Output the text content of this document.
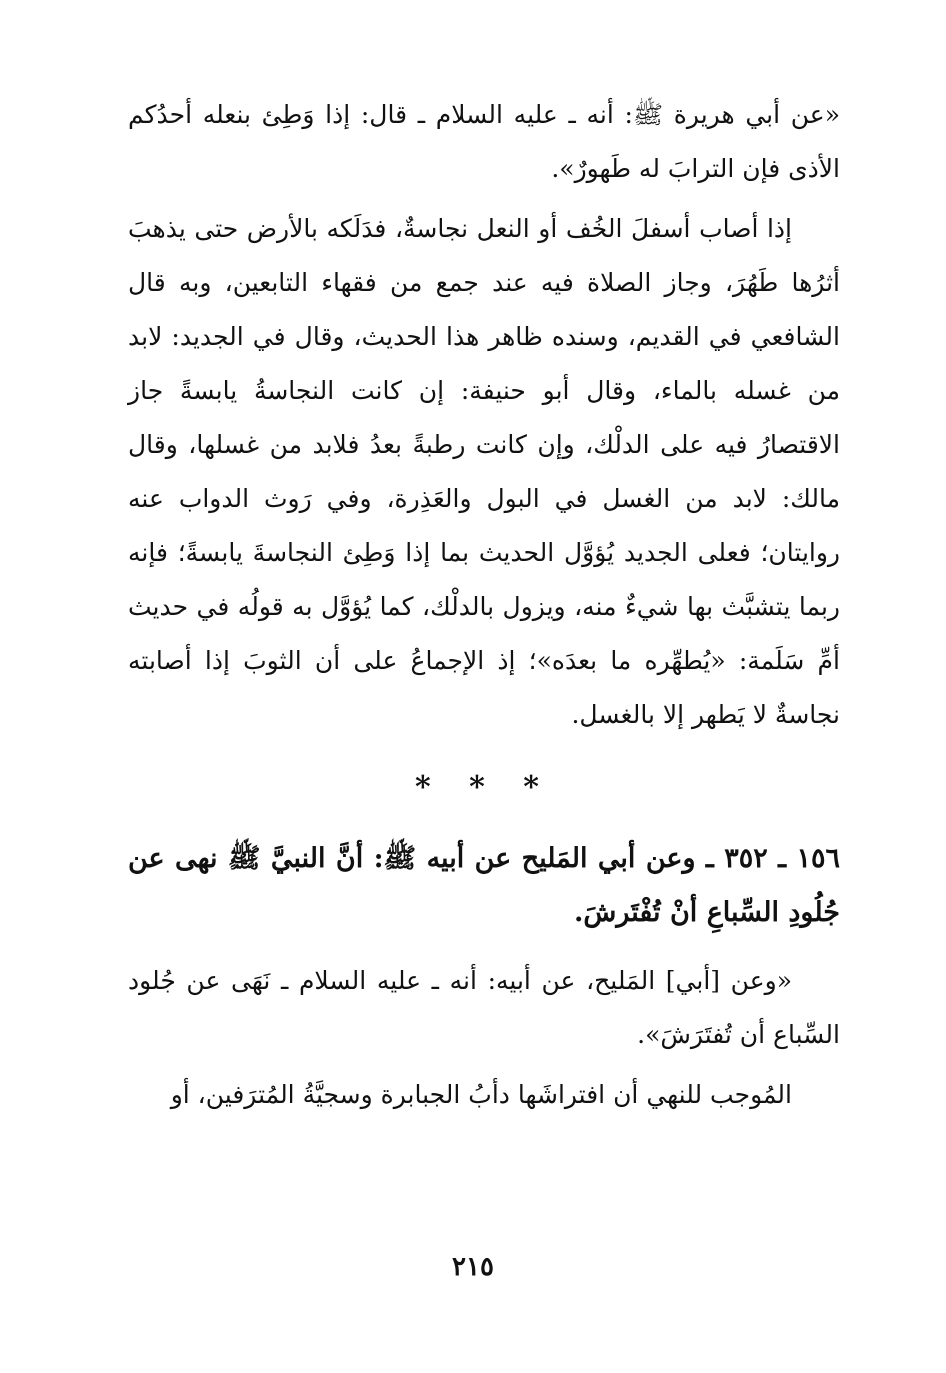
«عن أبي هريرة ﷺ: أنه ـ عليه السلام ـ قال: إذا وَطِئ بنعله أحدُكم الأذى فإن الترابَ له طَهورٌ».

إذا أصاب أسفلَ الخُف أو النعل نجاسةٌ، فدَلَكه بالأرض حتى يذهبَ أثرُها طَهُرَ، وجاز الصلاة فيه عند جمع من فقهاء التابعين، وبه قال الشافعي في القديم، وسنده ظاهر هذا الحديث، وقال في الجديد: لابد من غسله بالماء، وقال أبو حنيفة: إن كانت النجاسةُ يابسةً جاز الاقتصارُ فيه على الدلْك، وإن كانت رطبةً بعدُ فلابد من غسلها، وقال مالك: لابد من الغسل في البول والعَذِرة، وفي رَوث الدواب عنه روايتان؛ فعلى الجديد يُؤوَّل الحديث بما إذا وَطِئ النجاسةَ يابسةً؛ فإنه ربما يتشبَّث بها شيءٌ منه، ويزول بالدلْك، كما يُؤوَّل به قولُه في حديث أمِّ سَلَمة: «يُطهِّره ما بعدَه»؛ إذ الإجماعُ على أن الثوبَ إذا أصابته نجاسةٌ لا يَطهر إلا بالغسل.

* * *

١٥٦ ـ ٣٥٢ ـ وعن أبي المَليح عن أبيه ﷺ: أنَّ النبيَّ ﷺ نهى عن جُلُودِ السِّباعِ أنْ تُفْتَرشَ.

«وعن [أبي] المَليح، عن أبيه: أنه ـ عليه السلام ـ نَهَى عن جُلود السِّباع أن تُفتَرَشَ».

المُوجب للنهي أن افتراشَها دأبُ الجبابرة وسجيَّةُ المُترَفين، أو

٢١٥
